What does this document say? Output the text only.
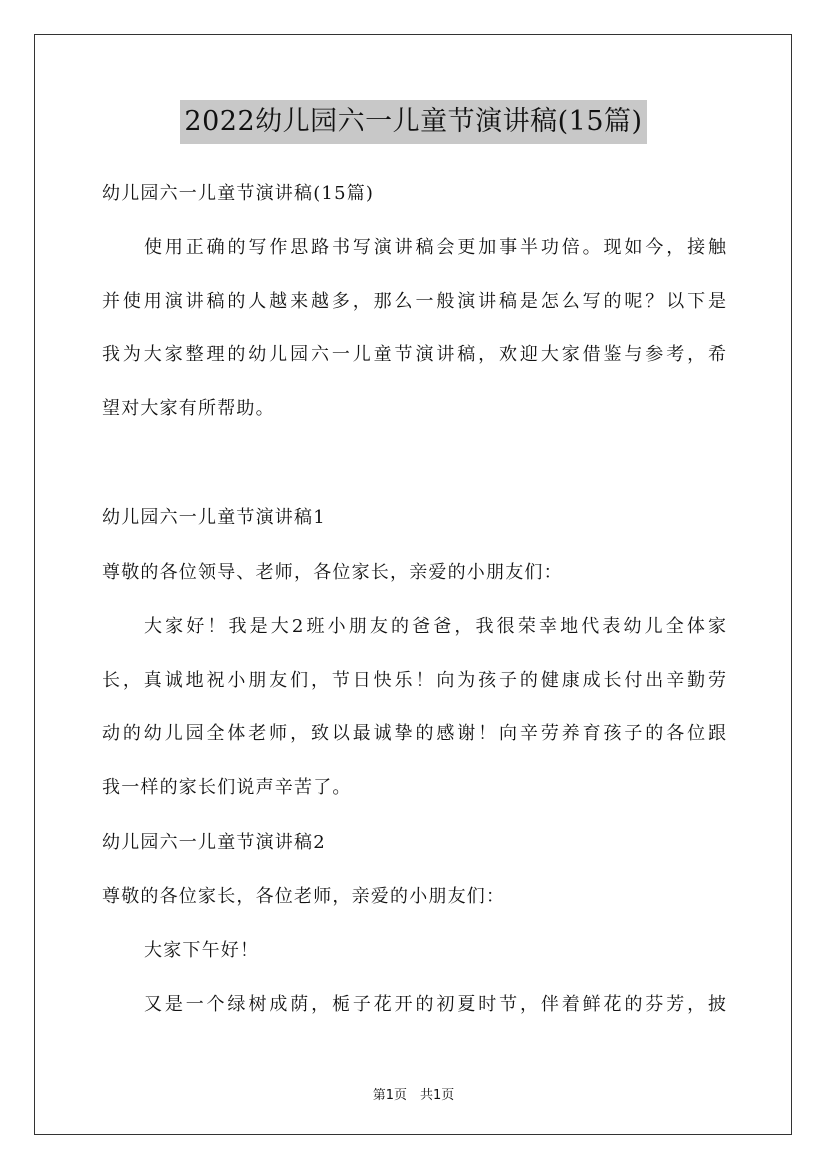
2022幼儿园六一儿童节演讲稿(15篇)
幼儿园六一儿童节演讲稿(15篇)
使用正确的写作思路书写演讲稿会更加事半功倍。现如今，接触
并使用演讲稿的人越来越多，那么一般演讲稿是怎么写的呢？以下是
我为大家整理的幼儿园六一儿童节演讲稿，欢迎大家借鉴与参考，希
望对大家有所帮助。
幼儿园六一儿童节演讲稿1
尊敬的各位领导、老师，各位家长，亲爱的小朋友们：
大家好！我是大2班小朋友的爸爸，我很荣幸地代表幼儿全体家
长，真诚地祝小朋友们，节日快乐！向为孩子的健康成长付出辛勤劳
动的幼儿园全体老师，致以最诚挚的感谢！向辛劳养育孩子的各位跟
我一样的家长们说声辛苦了。
幼儿园六一儿童节演讲稿2
尊敬的各位家长，各位老师，亲爱的小朋友们：
大家下午好！
又是一个绿树成荫，栀子花开的初夏时节，伴着鲜花的芬芳，披
第1页　共1页
